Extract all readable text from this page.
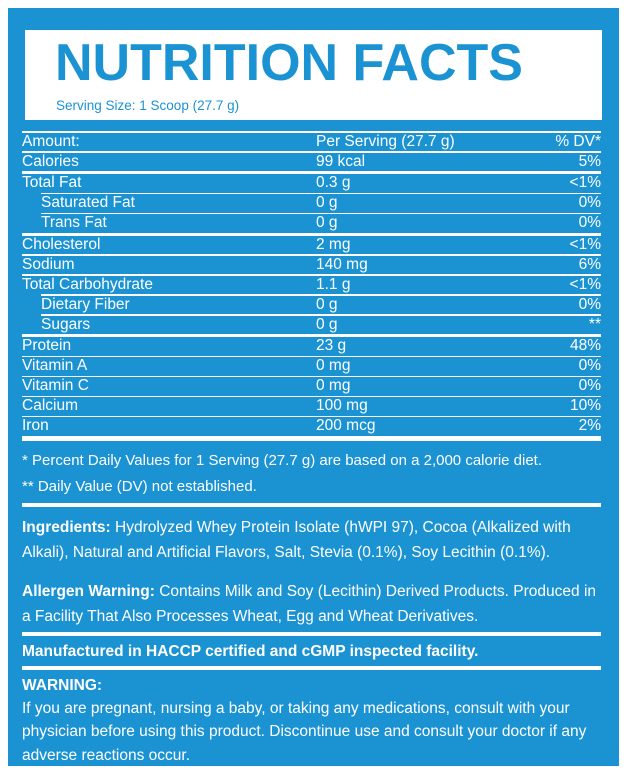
NUTRITION FACTS
Serving Size: 1 Scoop (27.7 g)
Amount:	Per Serving (27.7 g)	% DV*
Calories	99 kcal	5%
Total Fat	0.3 g	<1%
Saturated Fat	0 g	0%
Trans Fat	0 g	0%
Cholesterol	2 mg	<1%
Sodium	140 mg	6%
Total Carbohydrate	1.1 g	<1%
Dietary Fiber	0 g	0%
Sugars	0 g	**
Protein	23 g	48%
Vitamin A	0 mg	0%
Vitamin C	0 mg	0%
Calcium	100 mg	10%
Iron	200 mcg	2%
* Percent Daily Values for 1 Serving (27.7 g) are based on a 2,000 calorie diet.
** Daily Value (DV) not established.
Ingredients: Hydrolyzed Whey Protein Isolate (hWPI 97), Cocoa (Alkalized with Alkali), Natural and Artificial Flavors, Salt, Stevia (0.1%), Soy Lecithin (0.1%).
Allergen Warning: Contains Milk and Soy (Lecithin) Derived Products. Produced in a Facility That Also Processes Wheat, Egg and Wheat Derivatives.
Manufactured in HACCP certified and cGMP inspected facility.
WARNING:
If you are pregnant, nursing a baby, or taking any medications, consult with your physician before using this product. Discontinue use and consult your doctor if any adverse reactions occur.
